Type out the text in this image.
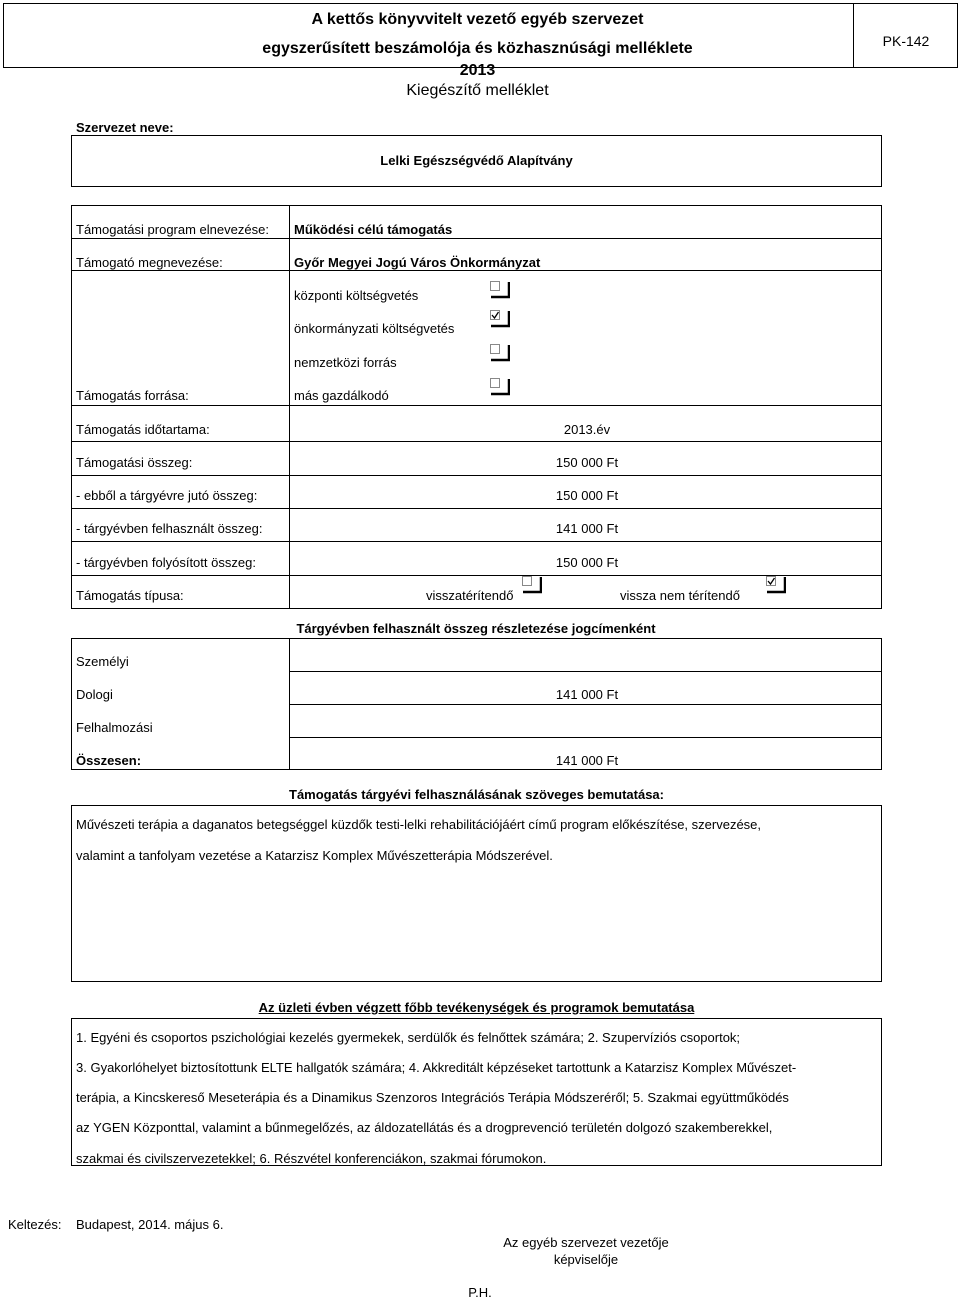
A kettős könyvvitelt vezető egyéb szervezet
egyszerűsített beszámolója és közhasznúsági melléklete
2013
Kiegészítő melléklet
PK-142
Szervezet neve:
Lelki Egészségvédő Alapítvány
Támogatási program elnevezése: Működési célú támogatás
Támogató megnevezése:	Győr Megyei Jogú Város Önkormányzat
Támogatás forrása:
központi költségvetés
önkormányzati költségvetés
nemzetközi forrás
más gazdálkodó
Támogatás időtartama:	2013.év
Támogatási összeg:	150 000 Ft
- ebből a tárgyévre jutó összeg:	150 000 Ft
- tárgyévben felhasznált összeg:	141 000 Ft
- tárgyévben folyósított összeg:	150 000 Ft
Támogatás típusa:	visszatérítendő	vissza nem térítendő
Tárgyévben felhasznált összeg részletezése jogcímenként
Személyi
Dologi	141 000 Ft
Felhalmozási
Összesen:	141 000 Ft
Támogatás tárgyévi felhasználásának szöveges bemutatása:
Művészeti terápia a daganatos betegséggel küzdők testi-lelki rehabilitációjáért című program előkészítése, szervezése,
valamint a tanfolyam vezetése a Katarzisz Komplex Művészetterápia Módszerével.
Az üzleti évben végzett főbb tevékenységek és programok bemutatása
1. Egyéni és csoportos pszichológiai kezelés gyermekek, serdülők és felnőttek számára; 2. Szupervíziós csoportok;
3. Gyakorlóhelyet biztosítottunk ELTE hallgatók számára; 4. Akkreditált képzéseket tartottunk a Katarzisz Komplex Művészet-
terápia, a Kincskereső Meseterápia és a Dinamikus Szenzoros Integrációs Terápia Módszeréről; 5. Szakmai együttműködés
az YGEN Központtal, valamint a bűnmegelőzés, az áldozatellátás és a drogprevenció területén dolgozó szakemberekkel,
szakmai és civilszervezetekkel; 6. Részvétel konferenciákon, szakmai fórumokon.
Keltezés: Budapest, 2014. május 6.
Az egyéb szervezet vezetője
képviselője
P.H.
